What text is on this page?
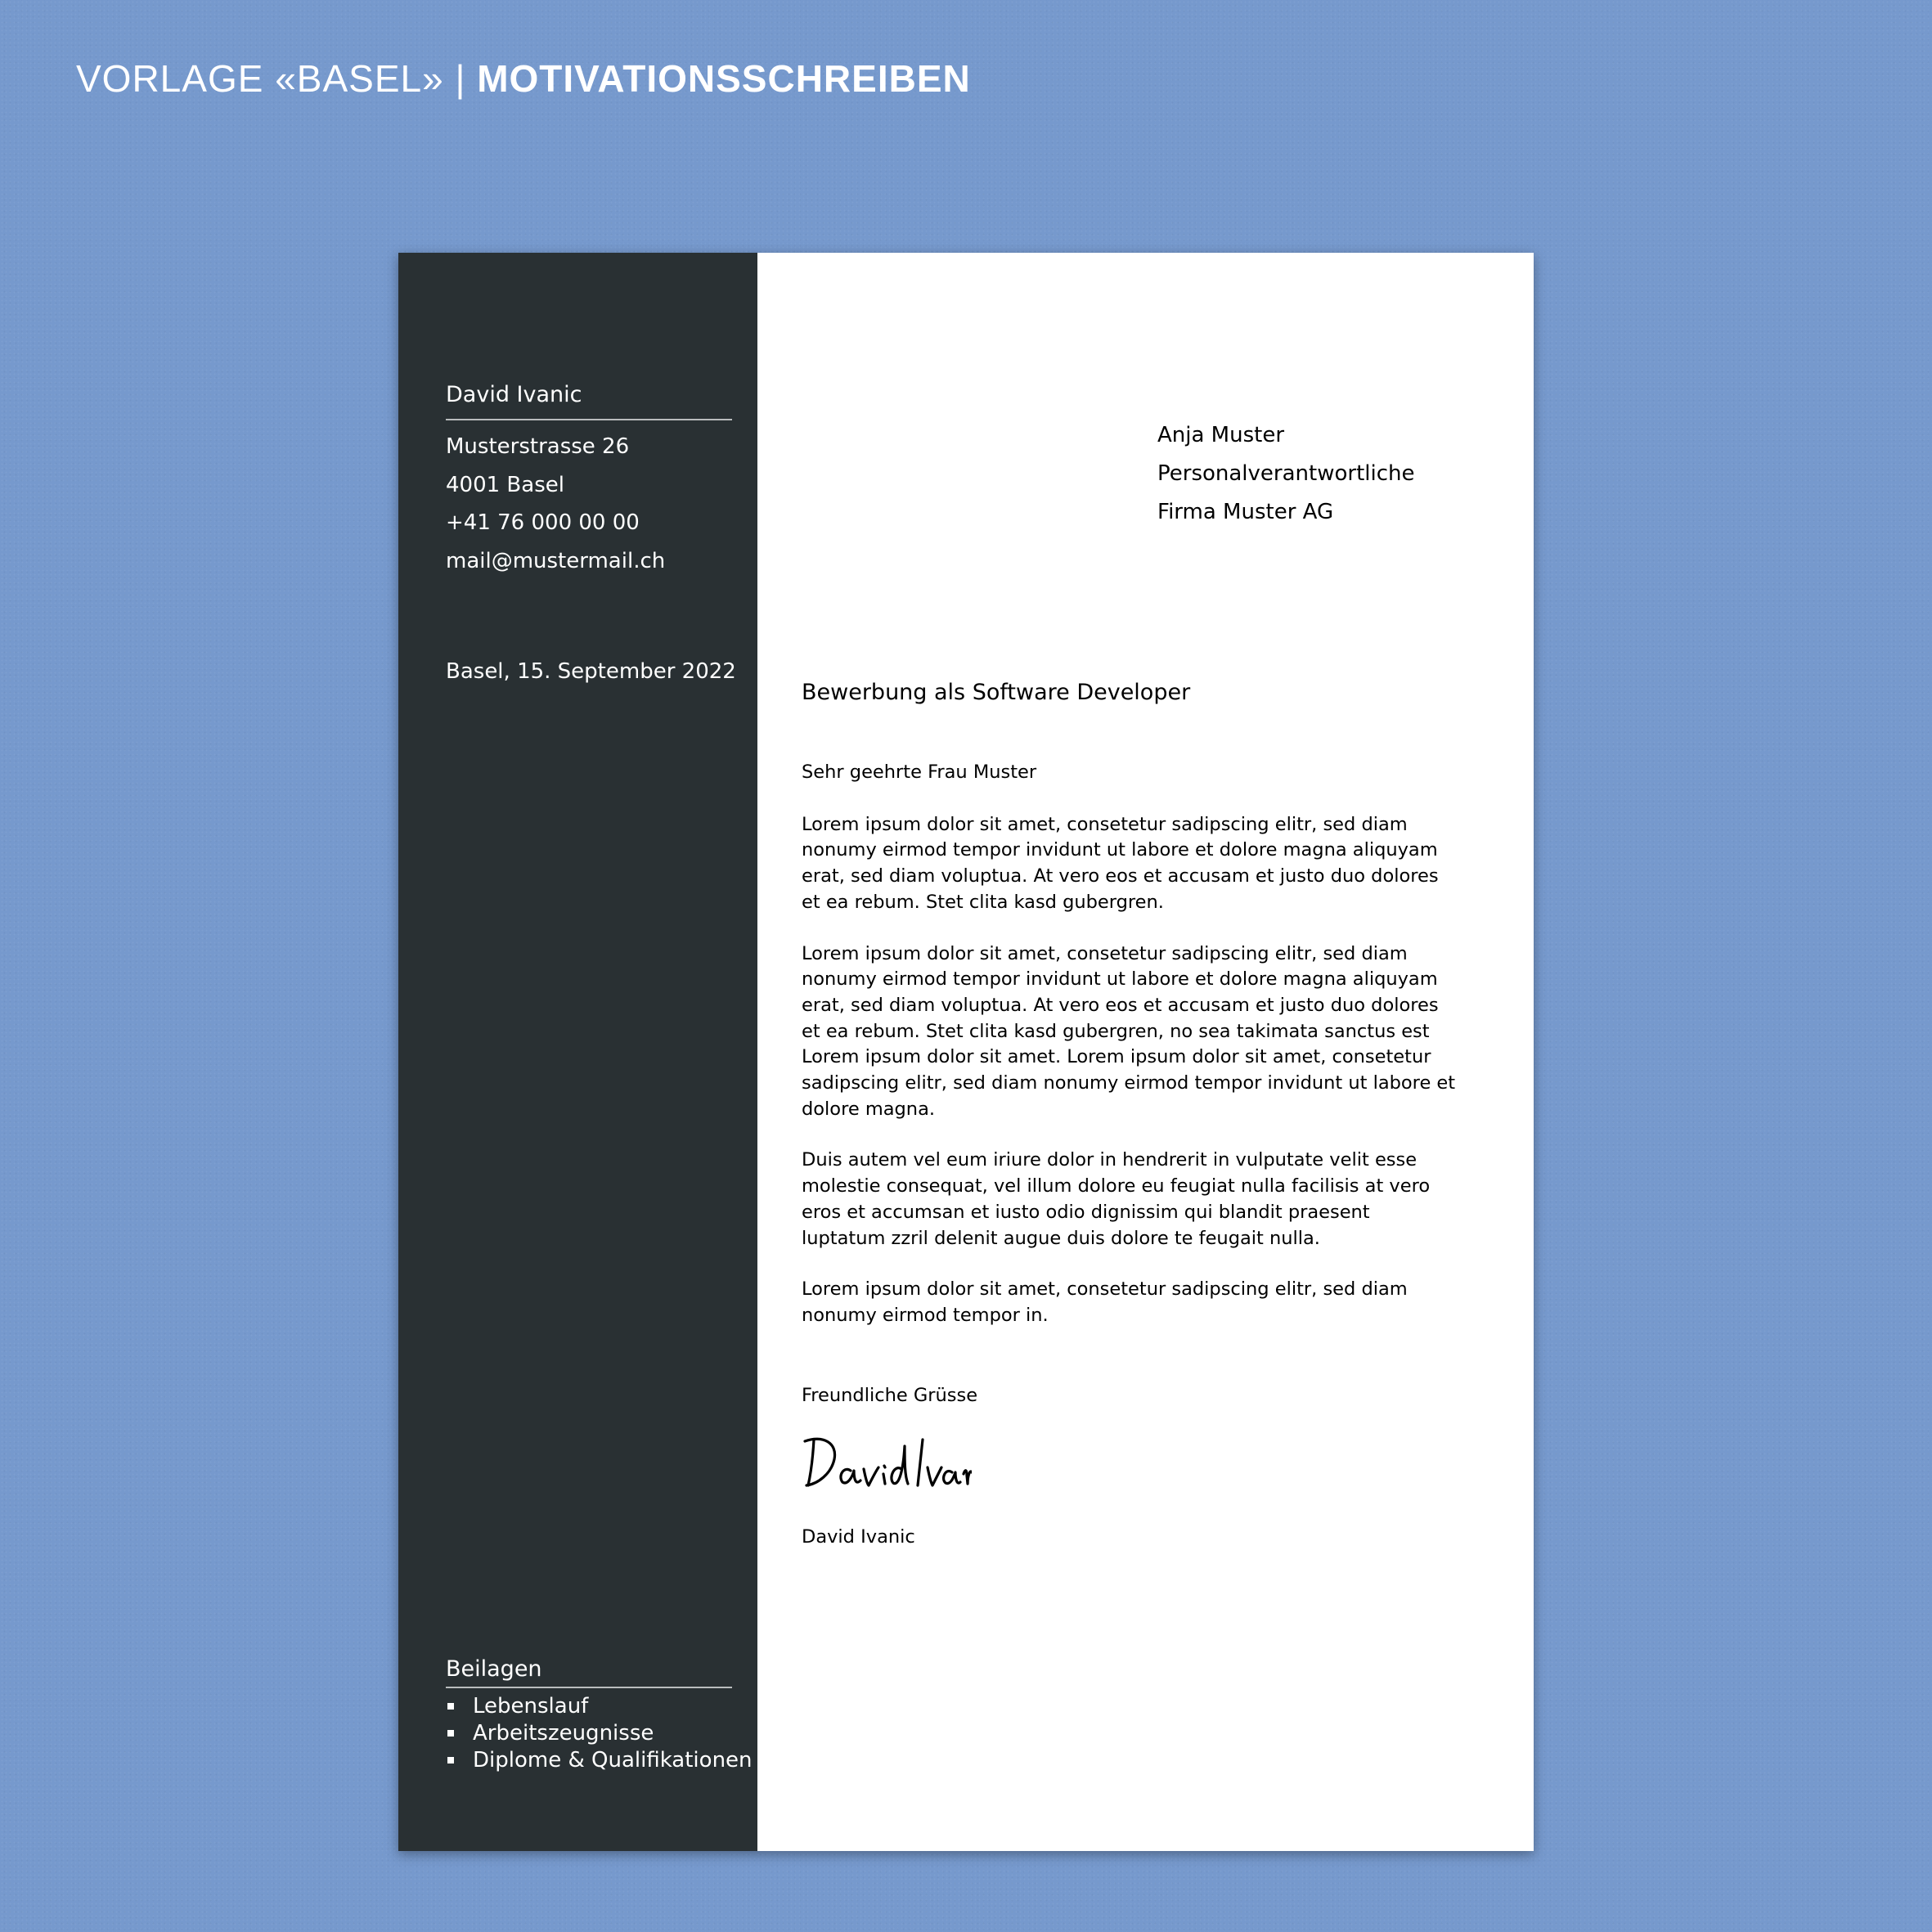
VORLAGE «BASEL» | MOTIVATIONSSCHREIBEN
David Ivanic
Musterstrasse 26
4001 Basel
+41 76 000 00 00
mail@mustermail.ch
Basel, 15. September 2022
Beilagen
Lebenslauf
Arbeitszeugnisse
Diplome & Qualifikationen
Anja Muster
Personalverantwortliche
Firma Muster AG
Bewerbung als Software Developer

Sehr geehrte Frau Muster

Lorem ipsum dolor sit amet, consetetur sadipscing elitr, sed diam nonumy eirmod tempor invidunt ut labore et dolore magna aliquyam erat, sed diam voluptua. At vero eos et accusam et justo duo dolores et ea rebum. Stet clita kasd gubergren.

Lorem ipsum dolor sit amet, consetetur sadipscing elitr, sed diam nonumy eirmod tempor invidunt ut labore et dolore magna aliquyam erat, sed diam voluptua. At vero eos et accusam et justo duo dolores et ea rebum. Stet clita kasd gubergren, no sea takimata sanctus est Lorem ipsum dolor sit amet. Lorem ipsum dolor sit amet, consetetur sadipscing elitr, sed diam nonumy eirmod tempor invidunt ut labore et dolore magna.

Duis autem vel eum iriure dolor in hendrerit in vulputate velit esse molestie consequat, vel illum dolore eu feugiat nulla facilisis at vero eros et accumsan et iusto odio dignissim qui blandit praesent luptatum zzril delenit augue duis dolore te feugait nulla.

Lorem ipsum dolor sit amet, consetetur sadipscing elitr, sed diam nonumy eirmod tempor in.

Freundliche Grüsse
David Ivanic
